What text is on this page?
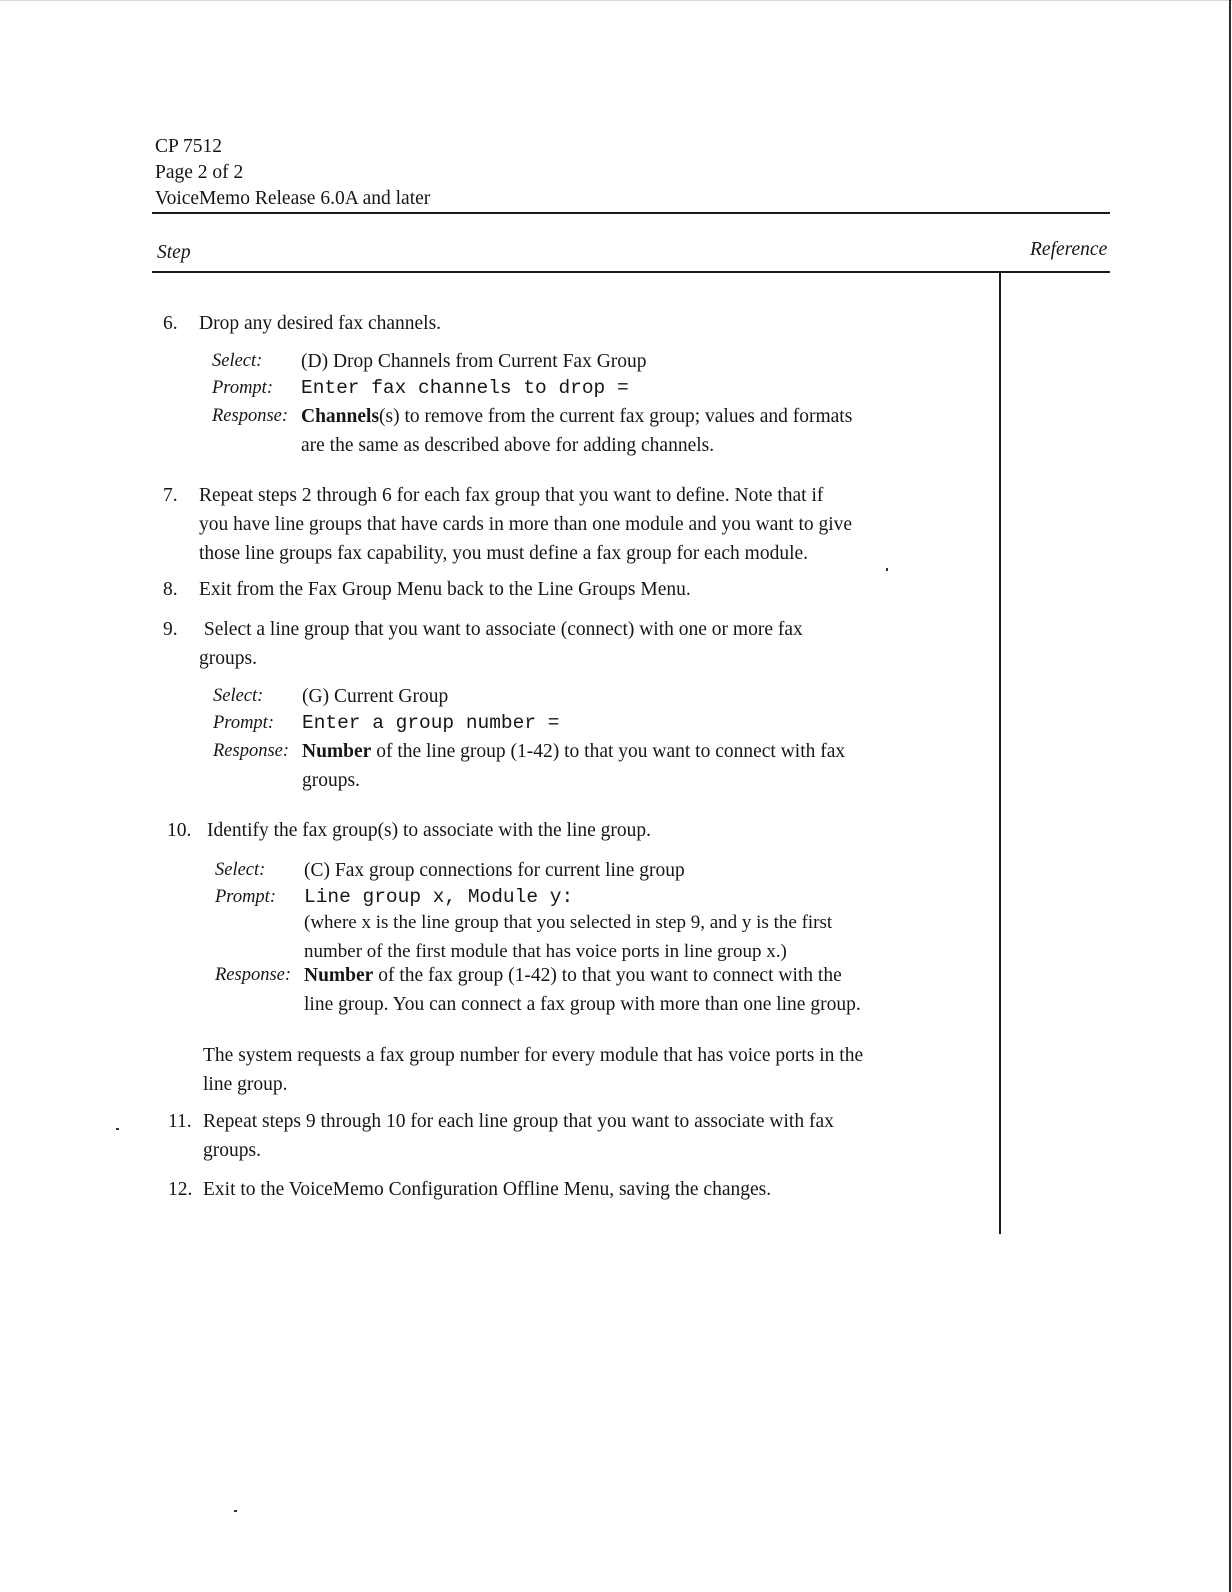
CP 7512
Page 2 of 2
VoiceMemo Release 6.0A and later
Step	Reference
6. Drop any desired fax channels.
Select: (D) Drop Channels from Current Fax Group
Prompt: Enter fax channels to drop =
Response: Channels(s) to remove from the current fax group; values and formats
are the same as described above for adding channels.
7. Repeat steps 2 through 6 for each fax group that you want to define. Note that if
you have line groups that have cards in more than one module and you want to give
those line groups fax capability, you must define a fax group for each module.
8. Exit from the Fax Group Menu back to the Line Groups Menu.
9. Select a line group that you want to associate (connect) with one or more fax
groups.
Select: (G) Current Group
Prompt: Enter a group number =
Response: Number of the line group (1-42) to that you want to connect with fax
groups.
10. Identify the fax group(s) to associate with the line group.
Select: (C) Fax group connections for current line group
Prompt: Line group x, Module y:
(where x is the line group that you selected in step 9, and y is the first
number of the first module that has voice ports in line group x.)
Response: Number of the fax group (1-42) to that you want to connect with the
line group. You can connect a fax group with more than one line group.
The system requests a fax group number for every module that has voice ports in the
line group.
11. Repeat steps 9 through 10 for each line group that you want to associate with fax
groups.
12. Exit to the VoiceMemo Configuration Offline Menu, saving the changes.
